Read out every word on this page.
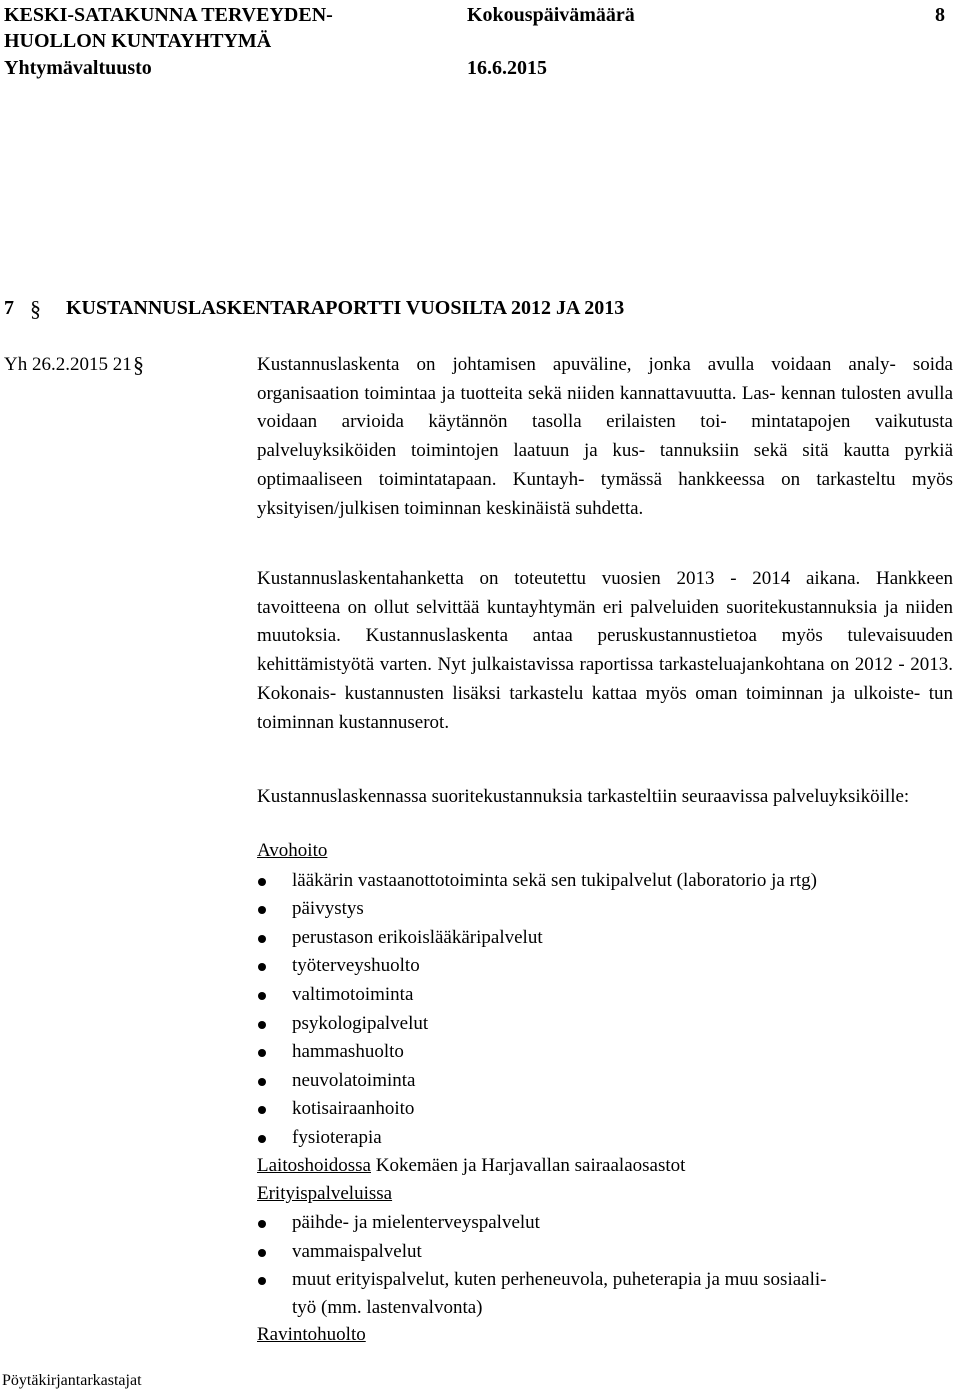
KESKI-SATAKUNNA TERVEYDEN-
HUOLLON KUNTAYHTYMÄ
Yhtymävaltuusto
Kokouspäivämäärä
16.6.2015
8
7 § KUSTANNUSLASKENTARAPORTTI VUOSILTA 2012 JA 2013
Yh 26.2.2015 21 §	Kustannuslaskenta on johtamisen apuväline, jonka avulla voidaan analy- soida organisaation toimintaa ja tuotteita sekä niiden kannattavuutta. Las- kennan tulosten avulla voidaan arvioida käytännön tasolla erilaisten toi- mintatapojen vaikutusta palveluyksiköiden toimintojen laatuun ja kus- tannuksiin sekä sitä kautta pyrkiä optimaaliseen toimintatapaan. Kuntayh- tymässä hankkeessa on tarkasteltu myös yksityisen/julkisen toiminnan keskinäistä suhdetta.
Kustannuslaskentahanketta on toteutettu vuosien 2013 - 2014 aikana. Hankkeen tavoitteena on ollut selvittää kuntayhtymän eri palveluiden suoritekustannuksia ja niiden muutoksia. Kustannuslaskenta antaa peruskustannustietoa myös tulevaisuuden kehittämistyötä varten. Nyt julkaistavissa raportissa tarkasteluajankohtana on 2012 - 2013. Kokonais- kustannusten lisäksi tarkastelu kattaa myös oman toiminnan ja ulkoiste- tun toiminnan kustannuserot.
Kustannuslaskennassa suoritekustannuksia tarkasteltiin seuraavissa palveluyksiköille:
Avohoito
lääkärin vastaanottotoiminta sekä sen tukipalvelut (laboratorio ja rtg)
päivystys
perustason erikoislääkäripalvelut
työterveyshuolto
valtimotoiminta
psykologipalvelut
hammashuolto
neuvolatoiminta
kotisairaanhoito
fysioterapia
Laitoshoidossa Kokemäen ja Harjavallan sairaalaosastot
Erityispalveluissa
päihde- ja mielenterveyspalvelut
vammaispalvelut
muut erityispalvelut, kuten perheneuvola, puheterapia ja muu sosiaali-
työ (mm. lastenvalvonta)
Ravintohuolto
Pöytäkirjantarkastajat
